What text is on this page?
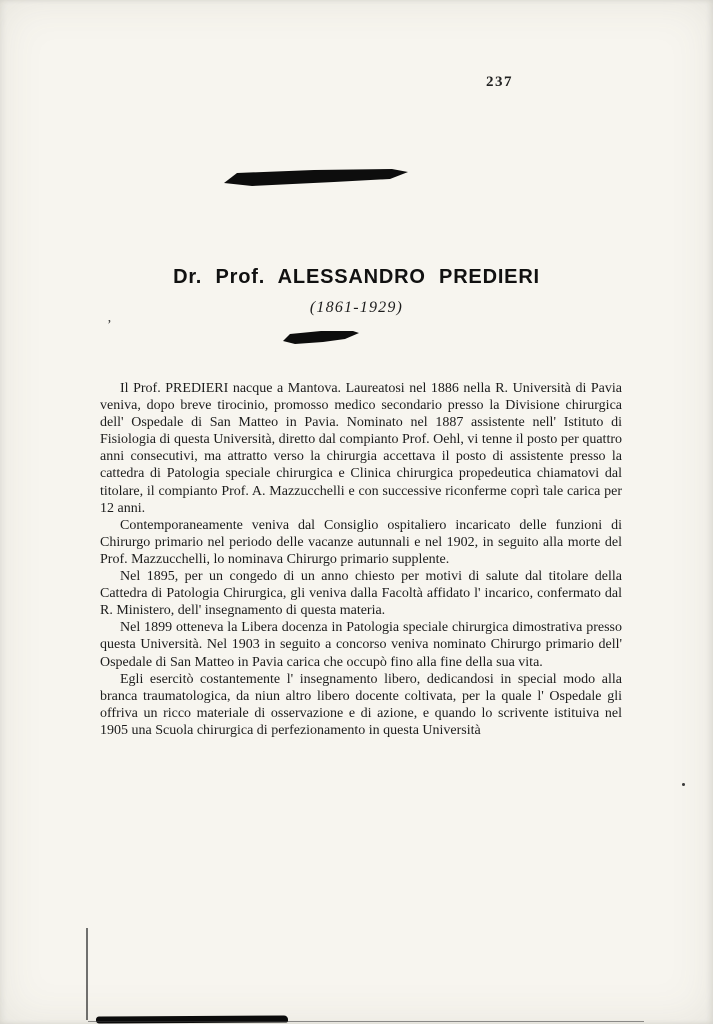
237
Dr. Prof. ALESSANDRO PREDIERI
(1861-1929)

Il Prof. PREDIERI nacque a Mantova. Laureatosi nel 1886 nella R. Università di Pavia veniva, dopo breve tirocinio, promosso medico secondario presso la Divisione chirurgica dell' Ospedale di San Matteo in Pavia. Nominato nel 1887 assistente nell' Istituto di Fisiologia di questa Università, diretto dal compianto Prof. Oehl, vi tenne il posto per quattro anni consecutivi, ma attratto verso la chirurgia accettava il posto di assistente presso la cattedra di Patologia speciale chirurgica e Clinica chirurgica propedeutica chiamatovi dal titolare, il compianto Prof. A. Mazzucchelli e con successive riconferme coprì tale carica per 12 anni.

Contemporaneamente veniva dal Consiglio ospitaliero incaricato delle funzioni di Chirurgo primario nel periodo delle vacanze autunnali e nel 1902, in seguito alla morte del Prof. Mazzucchelli, lo nominava Chirurgo primario supplente.

Nel 1895, per un congedo di un anno chiesto per motivi di salute dal titolare della Cattedra di Patologia Chirurgica, gli veniva dalla Facoltà affidato l' incarico, confermato dal R. Ministero, dell' insegnamento di questa materia.

Nel 1899 otteneva la Libera docenza in Patologia speciale chirurgica dimostrativa presso questa Università. Nel 1903 in seguito a concorso veniva nominato Chirurgo primario dell' Ospedale di San Matteo in Pavia carica che occupò fino alla fine della sua vita.

Egli esercitò costantemente l' insegnamento libero, dedicandosi in special modo alla branca traumatologica, da niun altro libero docente coltivata, per la quale l' Ospedale gli offriva un ricco materiale di osservazione e di azione, e quando lo scrivente istituiva nel 1905 una Scuola chirurgica di perfezionamento in questa Università

’
